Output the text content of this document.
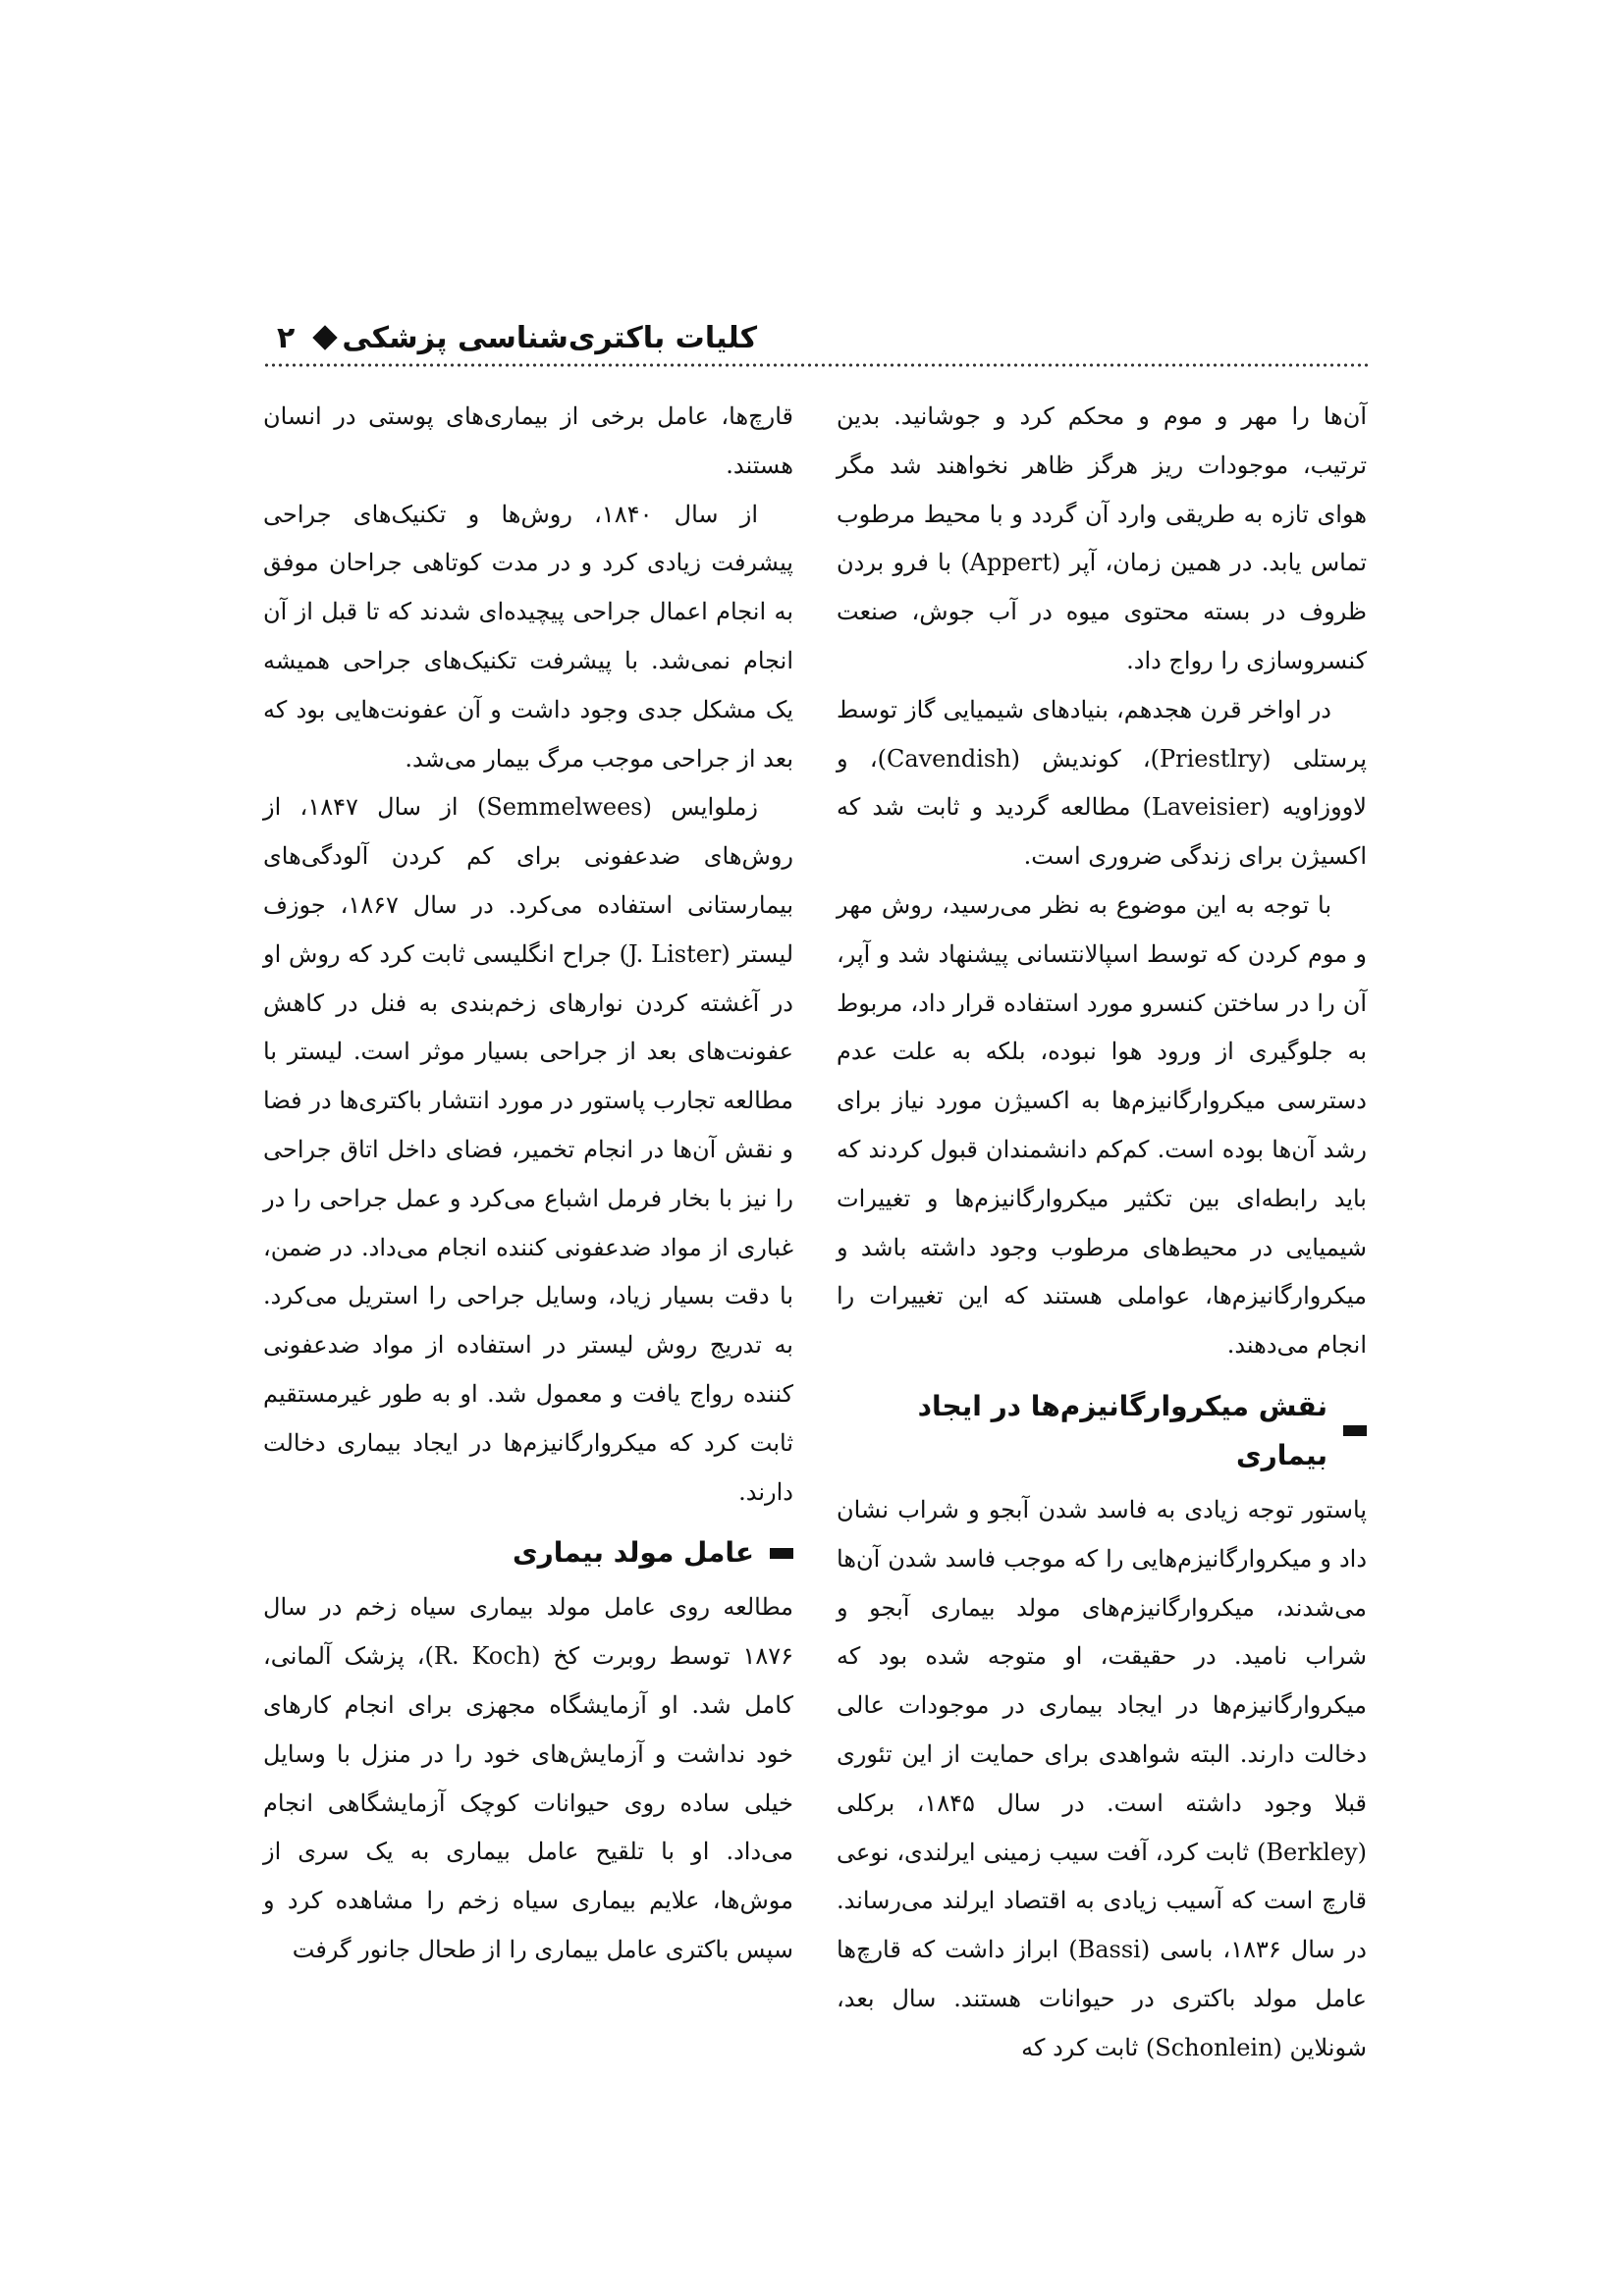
۲ کلیات باکتری‌شناسی پزشکی

آن‌ها را مهر و موم و محکم کرد و جوشانید. بدین ترتیب، موجودات ریز هرگز ظاهر نخواهند شد مگر هوای تازه به طریقی وارد آن گردد و با محیط مرطوب تماس یابد. در همین زمان، آپر (Appert) با فرو بردن ظروف در بسته محتوی میوه در آب جوش، صنعت کنسروسازی را رواج داد.

در اواخر قرن هجدهم، بنیادهای شیمیایی گاز توسط پرستلی (Priestlry)، کوندیش (Cavendish)، و لاووزاویه (Laveisier) مطالعه گردید و ثابت شد که اکسیژن برای زندگی ضروری است.

با توجه به این موضوع به نظر می‌رسید، روش مهر و موم کردن که توسط اسپالانتسانی پیشنهاد شد و آپر، آن را در ساختن کنسرو مورد استفاده قرار داد، مربوط به جلوگیری از ورود هوا نبوده، بلکه به علت عدم دسترسی میکروارگانیزم‌ها به اکسیژن مورد نیاز برای رشد آن‌ها بوده است. کم‌کم دانشمندان قبول کردند که باید رابطه‌ای بین تکثیر میکروارگانیزم‌ها و تغییرات شیمیایی در محیط‌های مرطوب وجود داشته باشد و میکروارگانیزم‌ها، عواملی هستند که این تغییرات را انجام می‌دهند.

نقش میکروارگانیزم‌ها در ایجاد بیماری

پاستور توجه زیادی به فاسد شدن آبجو و شراب نشان داد و میکروارگانیزم‌هایی را که موجب فاسد شدن آن‌ها می‌شدند، میکروارگانیزم‌های مولد بیماری آبجو و شراب نامید. در حقیقت، او متوجه شده بود که میکروارگانیزم‌ها در ایجاد بیماری در موجودات عالی دخالت دارند. البته شواهدی برای حمایت از این تئوری قبلا وجود داشته است. در سال ۱۸۴۵، برکلی (Berkley) ثابت کرد، آفت سیب زمینی ایرلندی، نوعی قارچ است که آسیب زیادی به اقتصاد ایرلند می‌رساند. در سال ۱۸۳۶، باسی (Bassi) ابراز داشت که قارچ‌ها عامل مولد باکتری در حیوانات هستند. سال بعد، شونلاین (Schonlein) ثابت کرد که

قارچ‌ها، عامل برخی از بیماری‌های پوستی در انسان هستند.

از سال ۱۸۴۰، روش‌ها و تکنیک‌های جراحی پیشرفت زیادی کرد و در مدت کوتاهی جراحان موفق به انجام اعمال جراحی پیچیده‌ای شدند که تا قبل از آن انجام نمی‌شد. با پیشرفت تکنیک‌های جراحی همیشه یک مشکل جدی وجود داشت و آن عفونت‌هایی بود که بعد از جراحی موجب مرگ بیمار می‌شد.

زملوایس (Semmelwees) از سال ۱۸۴۷، از روش‌های ضدعفونی برای کم کردن آلودگی‌های بیمارستانی استفاده می‌کرد. در سال ۱۸۶۷، جوزف لیستر (J. Lister) جراح انگلیسی ثابت کرد که روش او در آغشته کردن نوارهای زخم‌بندی به فنل در کاهش عفونت‌های بعد از جراحی بسیار موثر است. لیستر با مطالعه تجارب پاستور در مورد انتشار باکتری‌ها در فضا و نقش آن‌ها در انجام تخمیر، فضای داخل اتاق جراحی را نیز با بخار فرمل اشباع می‌کرد و عمل جراحی را در غباری از مواد ضدعفونی کننده انجام می‌داد. در ضمن، با دقت بسیار زیاد، وسایل جراحی را استریل می‌کرد. به تدریج روش لیستر در استفاده از مواد ضدعفونی کننده رواج یافت و معمول شد. او به طور غیرمستقیم ثابت کرد که میکروارگانیزم‌ها در ایجاد بیماری دخالت دارند.

عامل مولد بیماری

مطالعه روی عامل مولد بیماری سیاه زخم در سال ۱۸۷۶ توسط روبرت کخ (R. Koch)، پزشک آلمانی، کامل شد. او آزمایشگاه مجهزی برای انجام کارهای خود نداشت و آزمایش‌های خود را در منزل با وسایل خیلی ساده روی حیوانات کوچک آزمایشگاهی انجام می‌داد. او با تلقیح عامل بیماری به یک سری از موش‌ها، علایم بیماری سیاه زخم را مشاهده کرد و سپس باکتری عامل بیماری را از طحال جانور گرفت
